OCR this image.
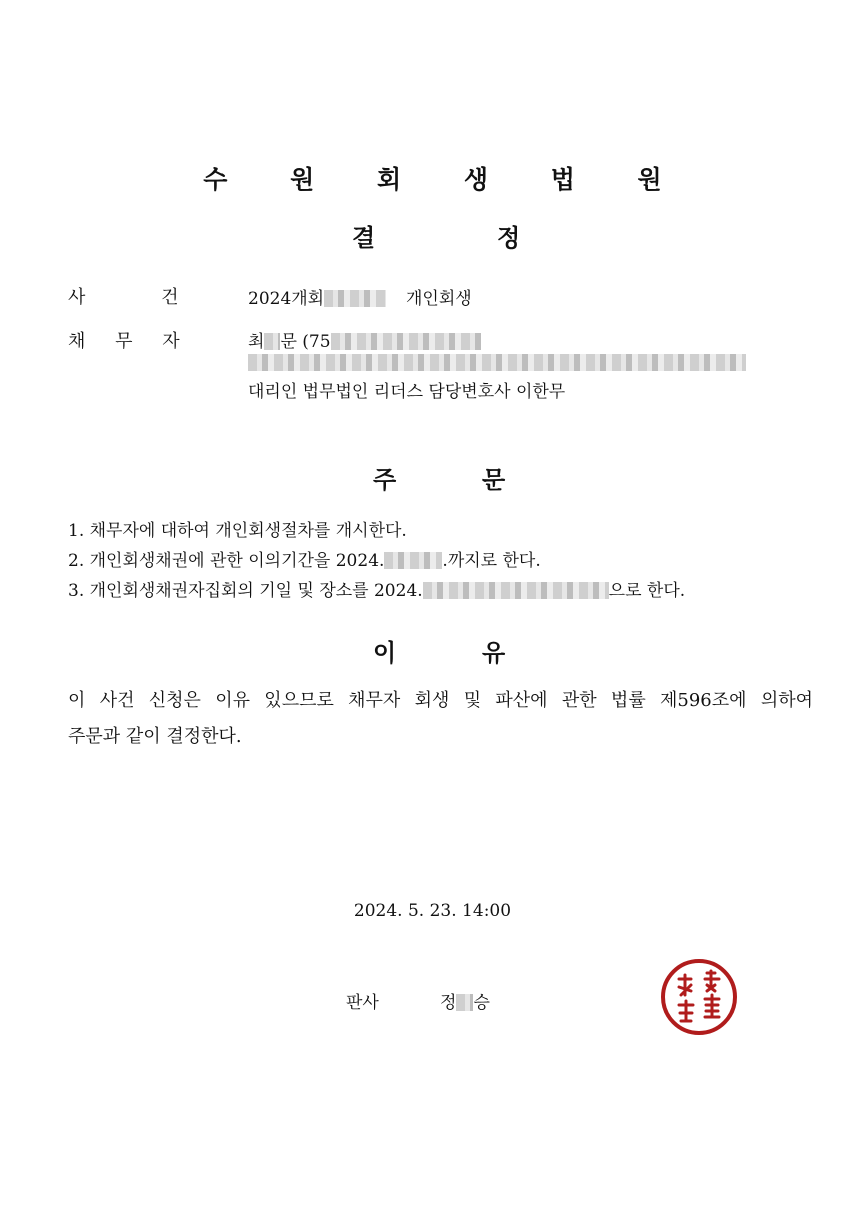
수 원 회 생 법 원
결	정
사 건	2024개회	개인회생
채 무 자	최 문 (75
대리인 법무법인 리더스 담당변호사 이한무
주	문
1. 채무자에 대하여 개인회생절차를 개시한다.
2. 개인회생채권에 관한 이의기간을 2024.	.까지로 한다.
3. 개인회생채권자집회의 기일 및 장소를 2024.	으로 한다.
이	유
이 사건 신청은 이유 있으므로 채무자 회생 및 파산에 관한 법률 제596조에 의하여
주문과 같이 결정한다.
2024. 5. 23. 14:00
판사	정 승
